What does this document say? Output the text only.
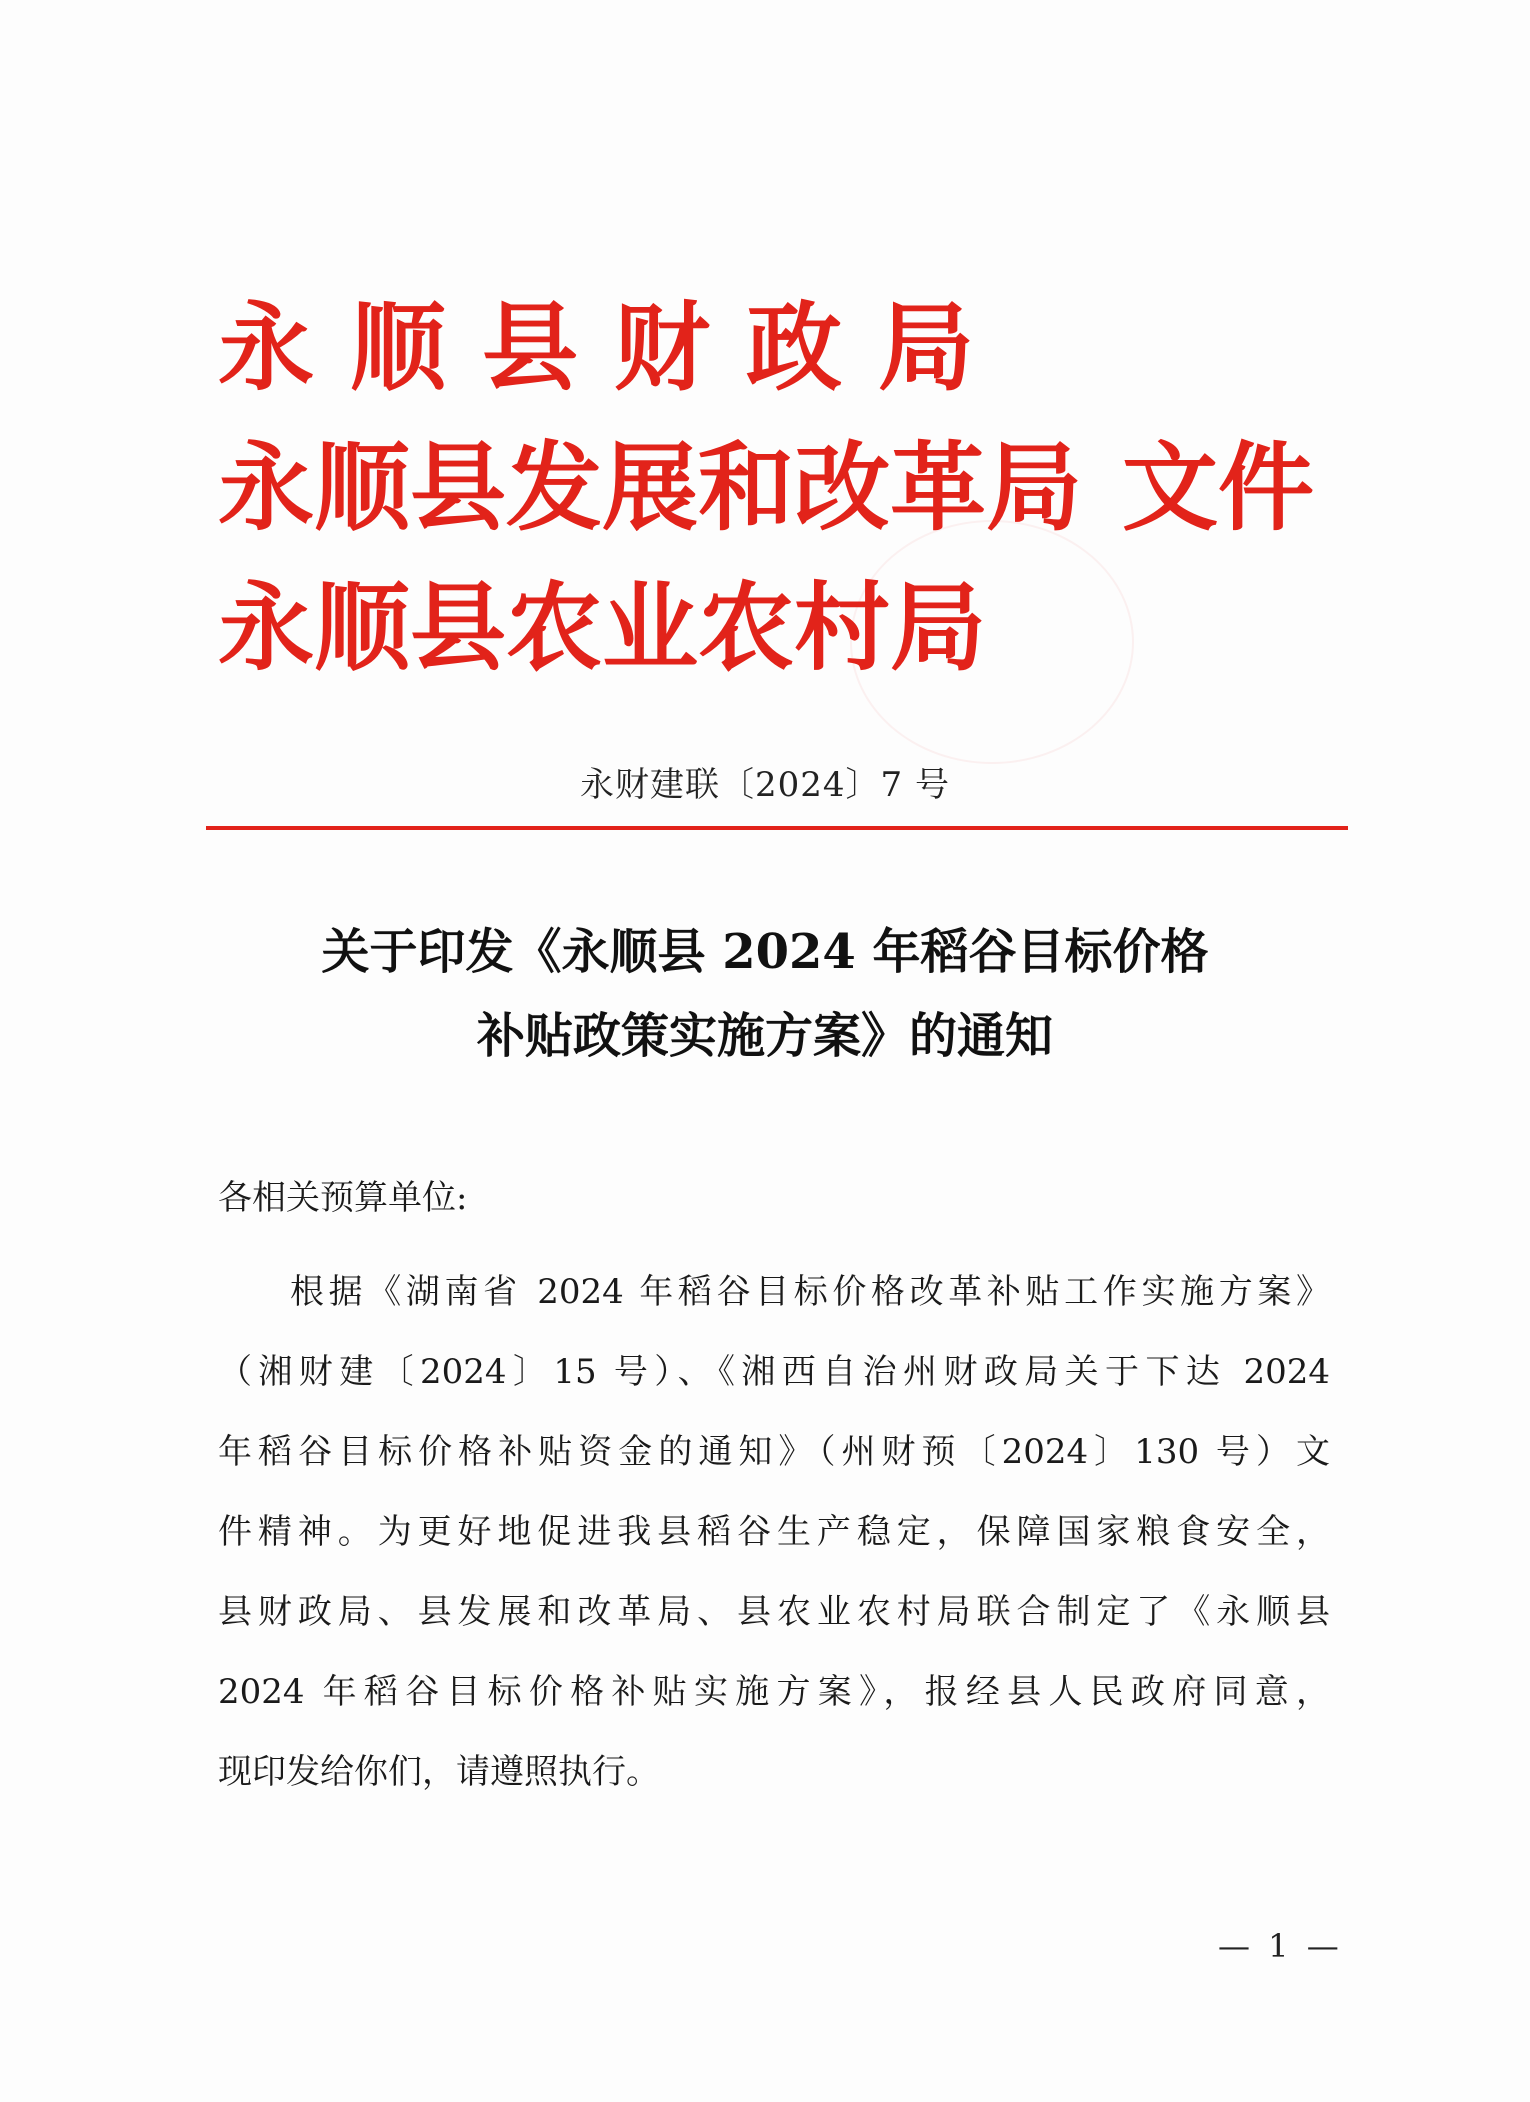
永顺县财政局
永顺县发展和改革局 文件
永顺县农业农村局
永财建联〔2024〕7 号
关于印发《永顺县 2024 年稻谷目标价格
补贴政策实施方案》的通知
各相关预算单位:
根据《湖南省 2024 年稻谷目标价格改革补贴工作实施方案》
（湘财建〔2024〕15 号）、《湘西自治州财政局关于下达 2024
年稻谷目标价格补贴资金的通知》（州财预〔2024〕130 号）文
件精神。为更好地促进我县稻谷生产稳定，保障国家粮食安全，
县财政局、县发展和改革局、县农业农村局联合制定了《永顺县
2024 年稻谷目标价格补贴实施方案》，报经县人民政府同意，
现印发给你们，请遵照执行。
— 1 —
